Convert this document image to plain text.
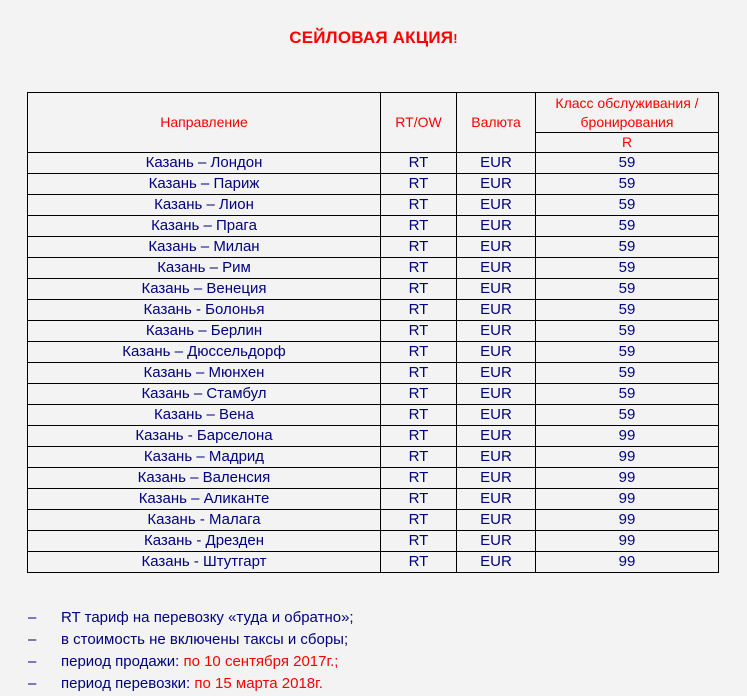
СЕЙЛОВАЯ АКЦИЯ!
Направление	RT/OW	Валюта	Класс обслуживания / бронирования
			R
Казань – Лондон	RT	EUR	59
Казань – Париж	RT	EUR	59
Казань – Лион	RT	EUR	59
Казань – Прага	RT	EUR	59
Казань – Милан	RT	EUR	59
Казань – Рим	RT	EUR	59
Казань – Венеция	RT	EUR	59
Казань - Болонья	RT	EUR	59
Казань – Берлин	RT	EUR	59
Казань – Дюссельдорф	RT	EUR	59
Казань – Мюнхен	RT	EUR	59
Казань – Стамбул	RT	EUR	59
Казань – Вена	RT	EUR	59
Казань - Барселона	RT	EUR	99
Казань – Мадрид	RT	EUR	99
Казань – Валенсия	RT	EUR	99
Казань – Аликанте	RT	EUR	99
Казань - Малага	RT	EUR	99
Казань - Дрезден	RT	EUR	99
Казань - Штутгарт	RT	EUR	99
–	RT тариф на перевозку «туда и обратно»;
–	в стоимость не включены таксы и сборы;
–	период продажи: по 10 сентября 2017г.;
–	период перевозки: по 15 марта 2018г.
